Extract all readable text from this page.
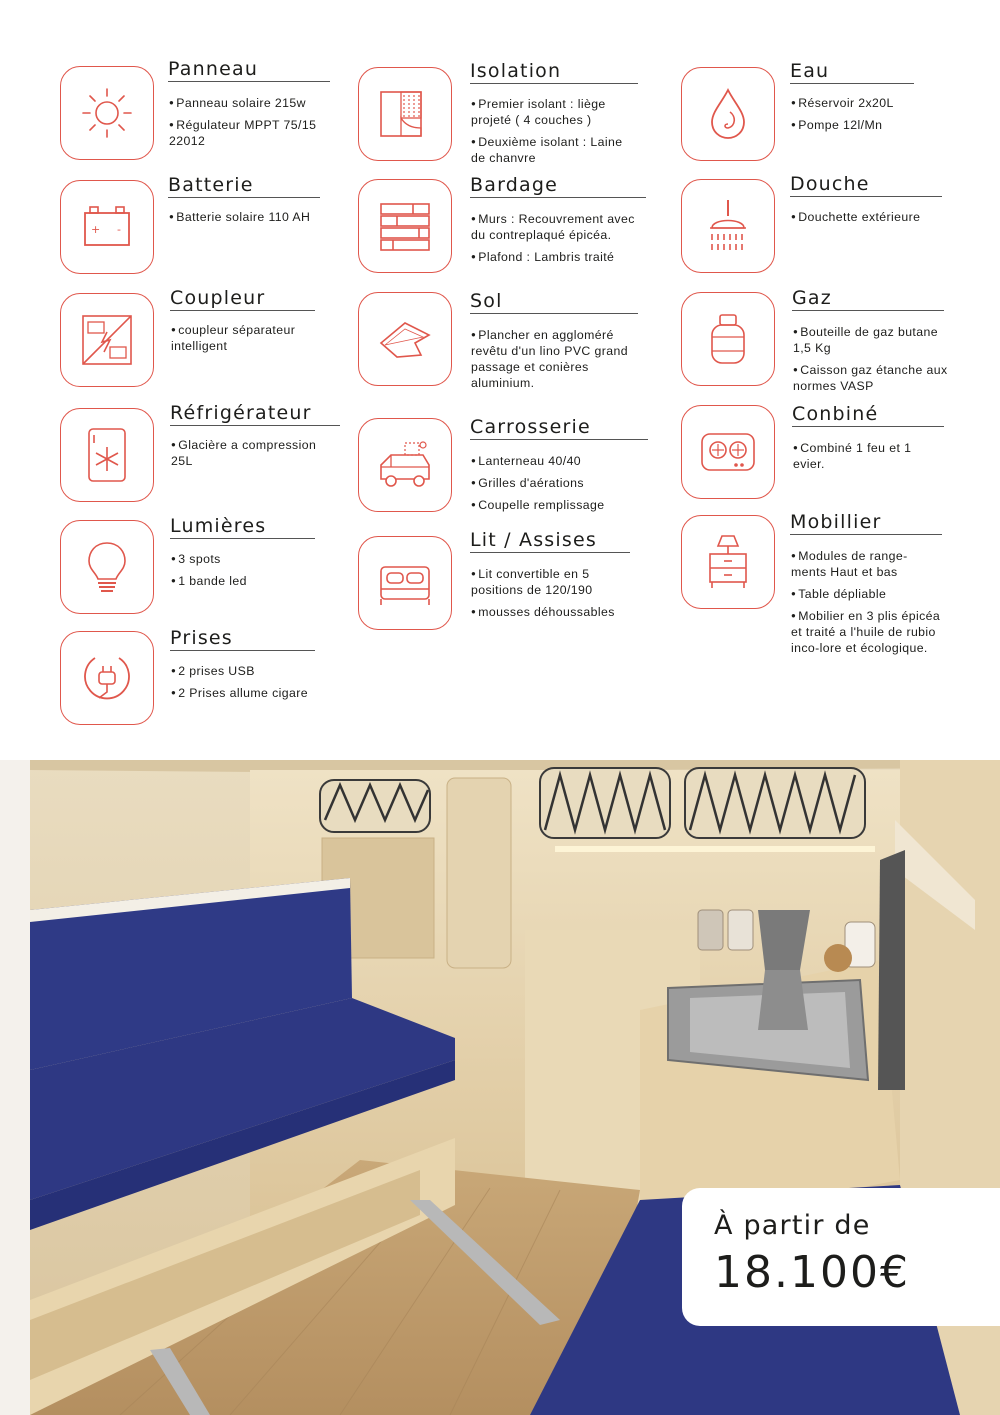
Panneau
● Panneau solaire 215w
● Régulateur MPPT 75/15 22012
+ -
Batterie
● Batterie solaire 110 AH
Coupleur
● coupleur séparateur intelligent
Réfrigérateur
● Glacière a compression 25L
Lumières
● 3 spots
● 1 bande led
Prises
● 2 prises USB
● 2 Prises allume cigare
Isolation
● Premier isolant : liège projeté ( 4 couches )
● Deuxième isolant : Laine de chanvre
Bardage
● Murs : Recouvrement avec du contreplaqué épicéa.
● Plafond : Lambris traité
Sol
● Plancher en aggloméré revêtu d'un lino PVC grand passage et conières aluminium.
Carrosserie
● Lanterneau 40/40
● Grilles d'aérations
● Coupelle remplissage
Lit / Assises
● Lit convertible en 5 positions de 120/190
● mousses déhoussables
Eau
● Réservoir 2x20L
● Pompe 12l/Mn
Douche
● Douchette extérieure
Gaz
● Bouteille de gaz butane 1,5 Kg
● Caisson gaz étanche aux normes VASP
Conbiné
● Combiné 1 feu et 1 evier.
Mobillier
● Modules de range-ments Haut et bas
● Table dépliable
● Mobilier en 3 plis épicéa et traité a l'huile de rubio inco-lore et écologique.
À partir de
18.100€
